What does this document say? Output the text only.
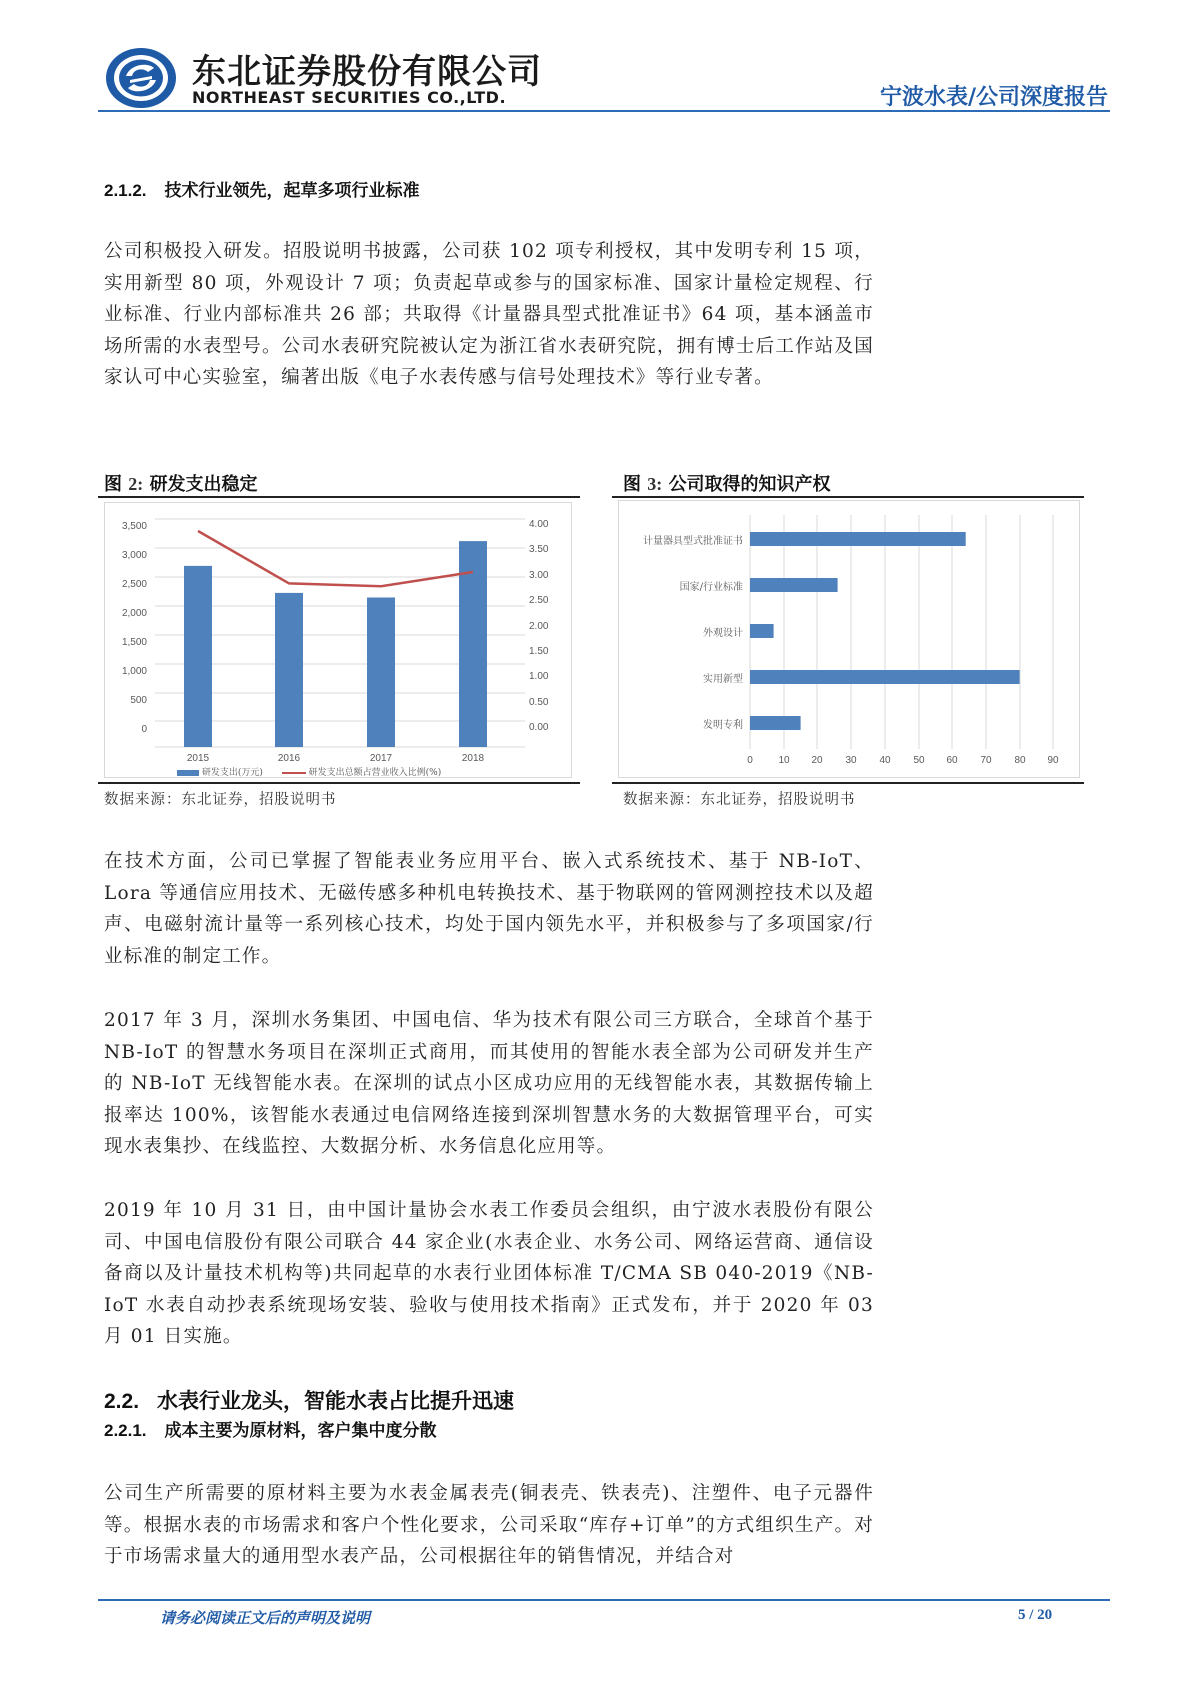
东北证券股份有限公司
NORTHEAST SECURITIES CO.,LTD.	宁波水表/公司深度报告
2.1.2. 技术行业领先，起草多项行业标准
公司积极投入研发。招股说明书披露，公司获 102 项专利授权，其中发明专利 15 项，实用新型 80 项，外观设计 7 项；负责起草或参与的国家标准、国家计量检定规程、行业标准、行业内部标准共 26 部；共取得《计量器具型式批准证书》64 项，基本涵盖市场所需的水表型号。公司水表研究院被认定为浙江省水表研究院，拥有博士后工作站及国家认可中心实验室，编著出版《电子水表传感与信号处理技术》等行业专著。
图 2: 研发支出稳定
3,500
3,000
2,500
2,000
1,500
1,000
500
0
4.00
3.50
3.00
2.50
2.00
1.50
1.00
0.50
0.00
2015	2016	2017	2018
研发支出(万元)	研发支出总额占营业收入比例(%)
数据来源：东北证券，招股说明书
图 3: 公司取得的知识产权
计量器具型式批准证书
国家/行业标准
外观设计
实用新型
发明专利
0	10	20	30	40	50	60	70	80	90
数据来源：东北证券，招股说明书
在技术方面，公司已掌握了智能表业务应用平台、嵌入式系统技术、基于 NB-IoT、Lora 等通信应用技术、无磁传感多种机电转换技术、基于物联网的管网测控技术以及超声、电磁射流计量等一系列核心技术，均处于国内领先水平，并积极参与了多项国家/行业标准的制定工作。
2017 年 3 月，深圳水务集团、中国电信、华为技术有限公司三方联合，全球首个基于 NB-IoT 的智慧水务项目在深圳正式商用，而其使用的智能水表全部为公司研发并生产的 NB-IoT 无线智能水表。在深圳的试点小区成功应用的无线智能水表，其数据传输上报率达 100%，该智能水表通过电信网络连接到深圳智慧水务的大数据管理平台，可实现水表集抄、在线监控、大数据分析、水务信息化应用等。
2019 年 10 月 31 日，由中国计量协会水表工作委员会组织，由宁波水表股份有限公司、中国电信股份有限公司联合 44 家企业(水表企业、水务公司、网络运营商、通信设备商以及计量技术机构等)共同起草的水表行业团体标准 T/CMA SB 040-2019《NB-IoT 水表自动抄表系统现场安装、验收与使用技术指南》正式发布，并于 2020 年 03 月 01 日实施。
2.2. 水表行业龙头，智能水表占比提升迅速
2.2.1. 成本主要为原材料，客户集中度分散
公司生产所需要的原材料主要为水表金属表壳(铜表壳、铁表壳)、注塑件、电子元器件等。根据水表的市场需求和客户个性化要求，公司采取“库存+订单”的方式组织生产。对于市场需求量大的通用型水表产品，公司根据往年的销售情况，并结合对
请务必阅读正文后的声明及说明	5 / 20
